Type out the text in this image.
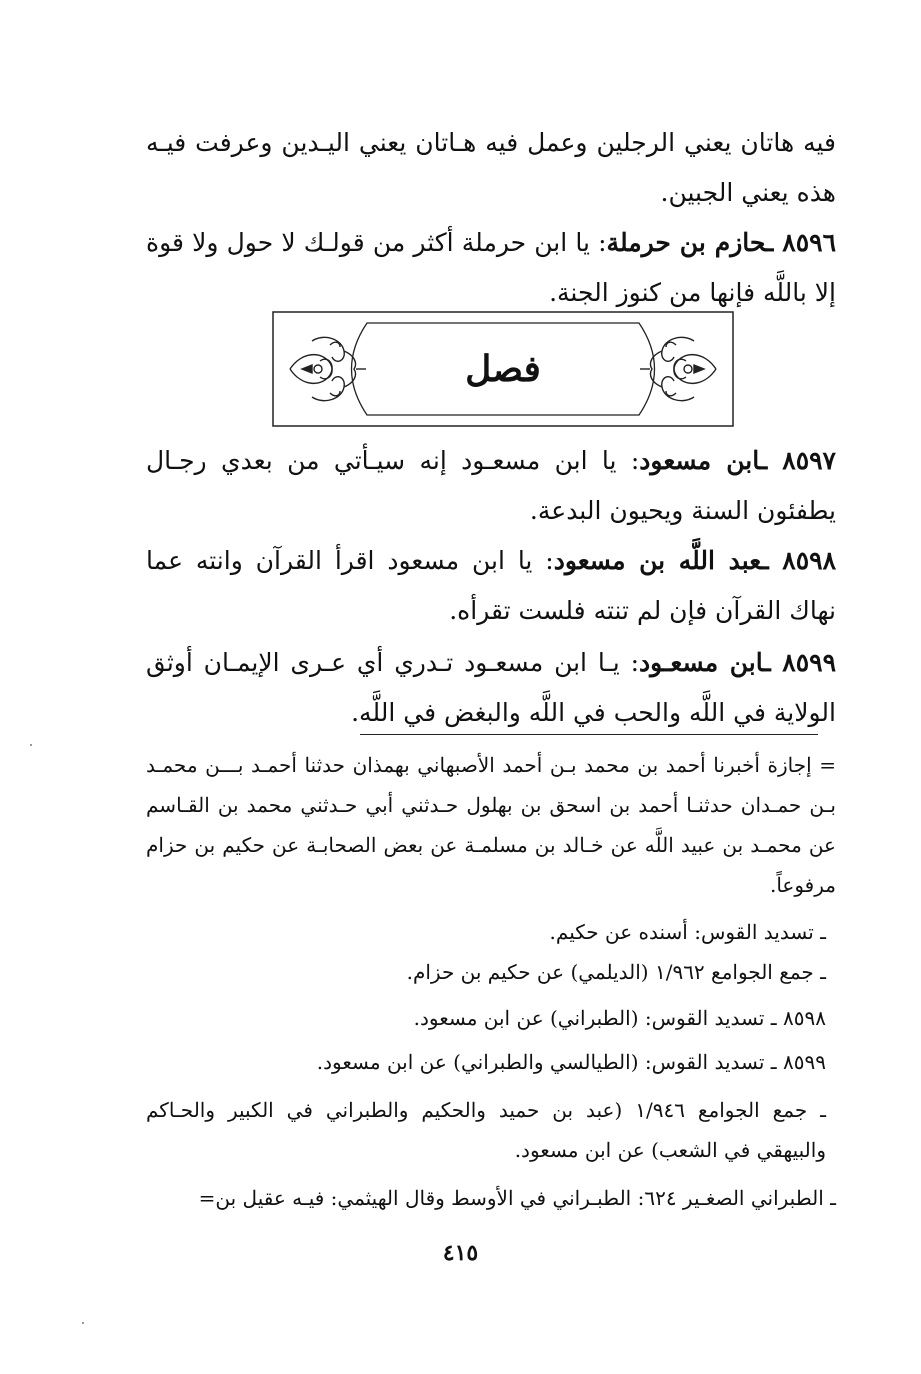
فيه هاتان يعني الرجلين وعمل فيه هـاتان يعني اليـدين وعرفت فيـه هذه يعني الجبين.
٨٥٩٦ ـحازم بن حرملة: يا ابن حرملة أكثر من قولـك لا حول ولا قوة إلا باللَّه فإنها من كنوز الجنة.
فصل
٨٥٩٧ ـابن مسعود: يا ابن مسعـود إنه سيـأتي من بعدي رجـال يطفئون السنة ويحيون البدعة.
٨٥٩٨ ـعبد اللَّه بن مسعود: يا ابن مسعود اقرأ القرآن وانته عما نهاك القرآن فإن لم تنته فلست تقرأه.
٨٥٩٩ ـابن مسعـود: يـا ابن مسعـود تـدري أي عـرى الإيمـان أوثق الولاية في اللَّه والحب في اللَّه والبغض في اللَّه.
= إجازة أخبرنا أحمد بن محمد بـن أحمد الأصبهاني بهمذان حدثنا أحمـد بـــن محمـد بـن حمـدان حدثنـا أحمد بن اسحق بن بهلول حـدثني أبي حـدثني محمد بن القـاسم عن محمـد بن عبيد اللَّه عن خـالد بن مسلمـة عن بعض الصحابـة عن حكيم بن حزام مرفوعاً.
ـ تسديد القوس: أسنده عن حكيم.
ـ جمع الجوامع ١/٩٦٢ (الديلمي) عن حكيم بن حزام.
٨٥٩٨ ـ تسديد القوس: (الطبراني) عن ابن مسعود.
٨٥٩٩ ـ تسديد القوس: (الطيالسي والطبراني) عن ابن مسعود.
ـ جمع الجوامع ١/٩٤٦ (عبد بن حميد والحكيم والطبراني في الكبير والحـاكم والبيهقي في الشعب) عن ابن مسعود.
ـ الطبراني الصغـير ٦٢٤: الطبـراني في الأوسط وقال الهيثمي: فيـه عقيل بن=
٤١٥
